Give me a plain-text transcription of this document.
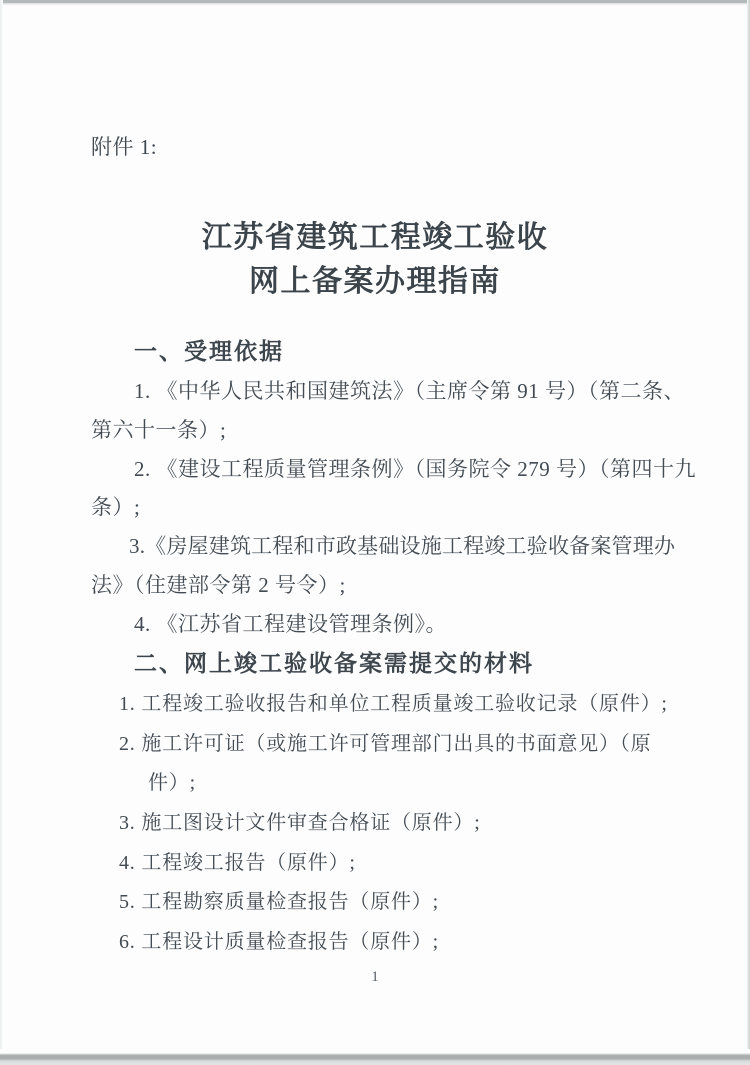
附件 1:
江苏省建筑工程竣工验收
网上备案办理指南
一、受理依据
1. 《中华人民共和国建筑法》（主席令第 91 号）（第二条、
第六十一条）;
2. 《建设工程质量管理条例》（国务院令 279 号）（第四十九
条）;
3.《房屋建筑工程和市政基础设施工程竣工验收备案管理办
法》（住建部令第 2 号令）;
4. 《江苏省工程建设管理条例》。
二、网上竣工验收备案需提交的材料
1. 工程竣工验收报告和单位工程质量竣工验收记录（原件）;
2. 施工许可证（或施工许可管理部门出具的书面意见）（原
件）;
3. 施工图设计文件审查合格证（原件）;
4. 工程竣工报告（原件）;
5. 工程勘察质量检查报告（原件）;
6. 工程设计质量检查报告（原件）;
1
